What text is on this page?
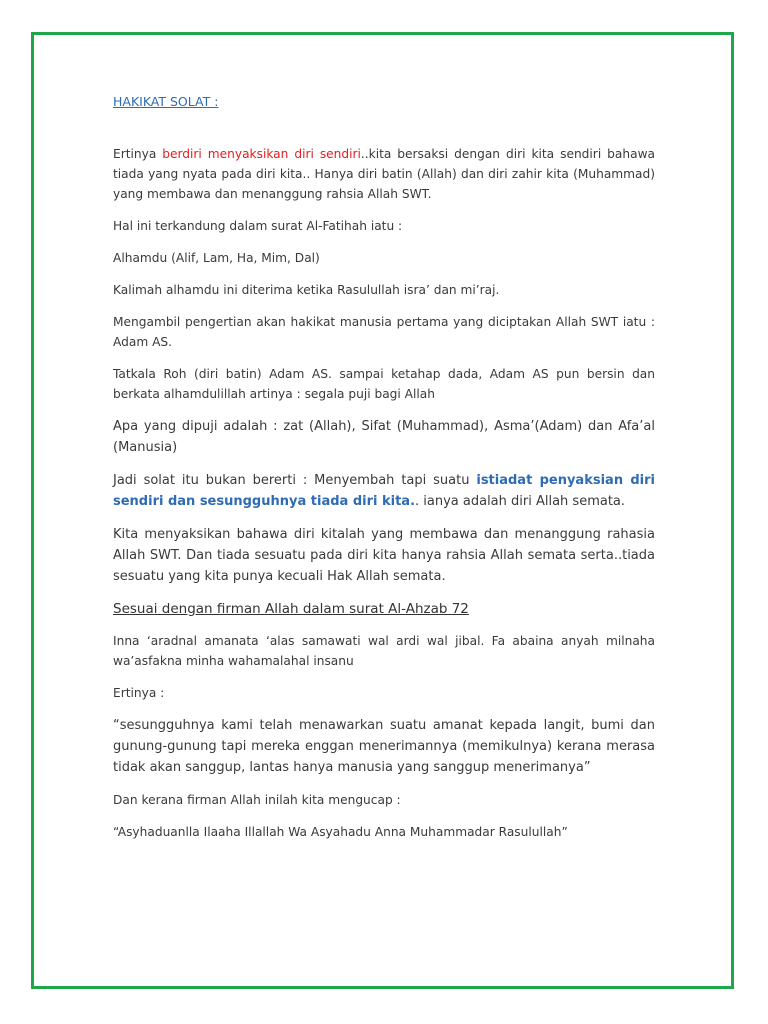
HAKIKAT SOLAT :

Ertinya berdiri menyaksikan diri sendiri..kita bersaksi dengan diri kita sendiri bahawa tiada yang nyata pada diri kita.. Hanya diri batin (Allah) dan diri zahir kita (Muhammad) yang membawa dan menanggung rahsia Allah SWT.

Hal ini terkandung dalam surat Al-Fatihah iatu :

Alhamdu (Alif, Lam, Ha, Mim, Dal)

Kalimah alhamdu ini diterima ketika Rasulullah isra’ dan mi’raj.

Mengambil pengertian akan hakikat manusia pertama yang diciptakan Allah SWT iatu : Adam AS.

Tatkala Roh (diri batin) Adam AS. sampai ketahap dada, Adam AS pun bersin dan berkata alhamdulillah artinya : segala puji bagi Allah

Apa yang dipuji adalah : zat (Allah), Sifat (Muhammad), Asma’(Adam) dan Afa’al (Manusia)

Jadi solat itu bukan bererti : Menyembah tapi suatu istiadat penyaksian diri sendiri dan sesungguhnya tiada diri kita.. ianya adalah diri Allah semata.

Kita menyaksikan bahawa diri kitalah yang membawa dan menanggung rahasia Allah SWT. Dan tiada sesuatu pada diri kita hanya rahsia Allah semata serta..tiada sesuatu yang kita punya kecuali Hak Allah semata.

Sesuai dengan firman Allah dalam surat Al-Ahzab 72

Inna ‘aradnal amanata ‘alas samawati wal ardi wal jibal. Fa abaina anyah milnaha wa’asfakna minha wahamalahal insanu

Ertinya :

“sesungguhnya kami telah menawarkan suatu amanat kepada langit, bumi dan gunung-gunung tapi mereka enggan menerimannya (memikulnya) kerana merasa tidak akan sanggup, lantas hanya manusia yang sanggup menerimanya”

Dan kerana firman Allah inilah kita mengucap :

“Asyhaduanlla Ilaaha Illallah Wa Asyahadu Anna Muhammadar Rasulullah”
